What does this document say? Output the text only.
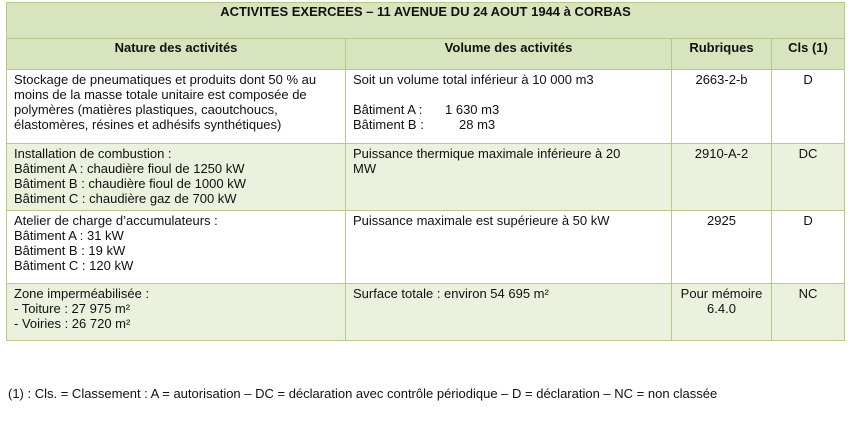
ACTIVITES EXERCEES – 11 AVENUE DU 24 AOUT 1944 à CORBAS			
Nature des activités	Volume des activités	Rubriques	Cls (1)

Stockage de pneumatiques et produits dont 50 % au
moins de la masse totale unitaire est composée de
polymères (matières plastiques, caoutchoucs,
élastomères, résines et adhésifs synthétiques)	Soit un volume total inférieur à 10 000 m3
Bâtiment A : 1 630 m3
Bâtiment B : 28 m3	2663-2-b	D

Installation de combustion :
Bâtiment A : chaudière fioul de 1250 kW
Bâtiment B : chaudière fioul de 1000 kW
Bâtiment C : chaudière gaz de 700 kW	Puissance thermique maximale inférieure à 20
MW	2910-A-2	DC

Atelier de charge d’accumulateurs :
Bâtiment A : 31 kW
Bâtiment B : 19 kW
Bâtiment C : 120 kW	Puissance maximale est supérieure à 50 kW	2925	D

Zone imperméabilisée :
- Toiture : 27 975 m²
- Voiries : 26 720 m²	Surface totale : environ 54 695 m²	Pour mémoire
6.4.0	NC
(1) : Cls. = Classement : A = autorisation – DC = déclaration avec contrôle périodique – D = déclaration – NC = non classée
